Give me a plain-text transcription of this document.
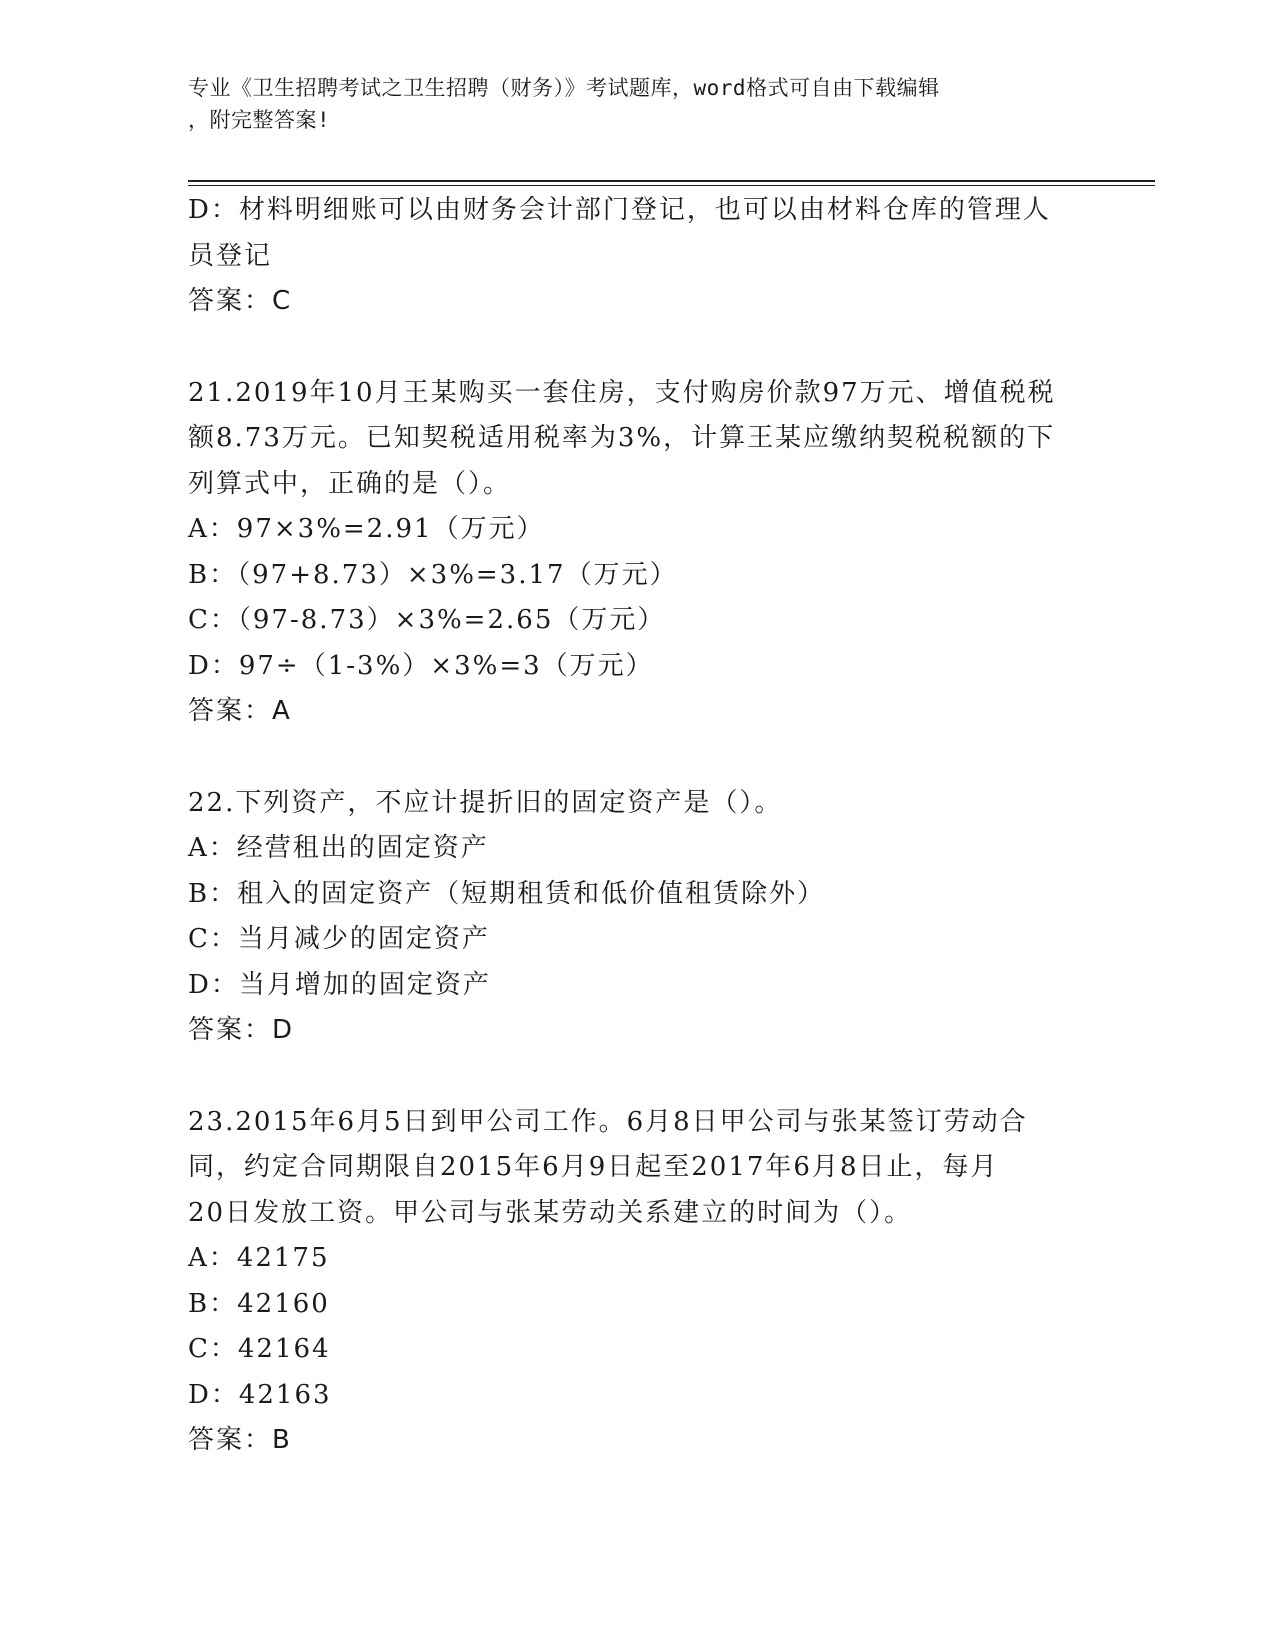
专业《卫生招聘考试之卫生招聘（财务）》考试题库，word格式可自由下载编辑
，附完整答案!
D：材料明细账可以由财务会计部门登记，也可以由材料仓库的管理人
员登记
答案：C
21.2019年10月王某购买一套住房，支付购房价款97万元、增值税税
额8.73万元。已知契税适用税率为3%，计算王某应缴纳契税税额的下
列算式中，正确的是（）。
A：97×3%=2.91（万元）
B：（97+8.73）×3%=3.17（万元）
C：（97-8.73）×3%=2.65（万元）
D：97÷（1-3%）×3%=3（万元）
答案：A
22.下列资产，不应计提折旧的固定资产是（）。
A：经营租出的固定资产
B：租入的固定资产（短期租赁和低价值租赁除外）
C：当月减少的固定资产
D：当月增加的固定资产
答案：D
23.2015年6月5日到甲公司工作。6月8日甲公司与张某签订劳动合
同，约定合同期限自2015年6月9日起至2017年6月8日止，每月
20日发放工资。甲公司与张某劳动关系建立的时间为（）。
A：42175
B：42160
C：42164
D：42163
答案：B
